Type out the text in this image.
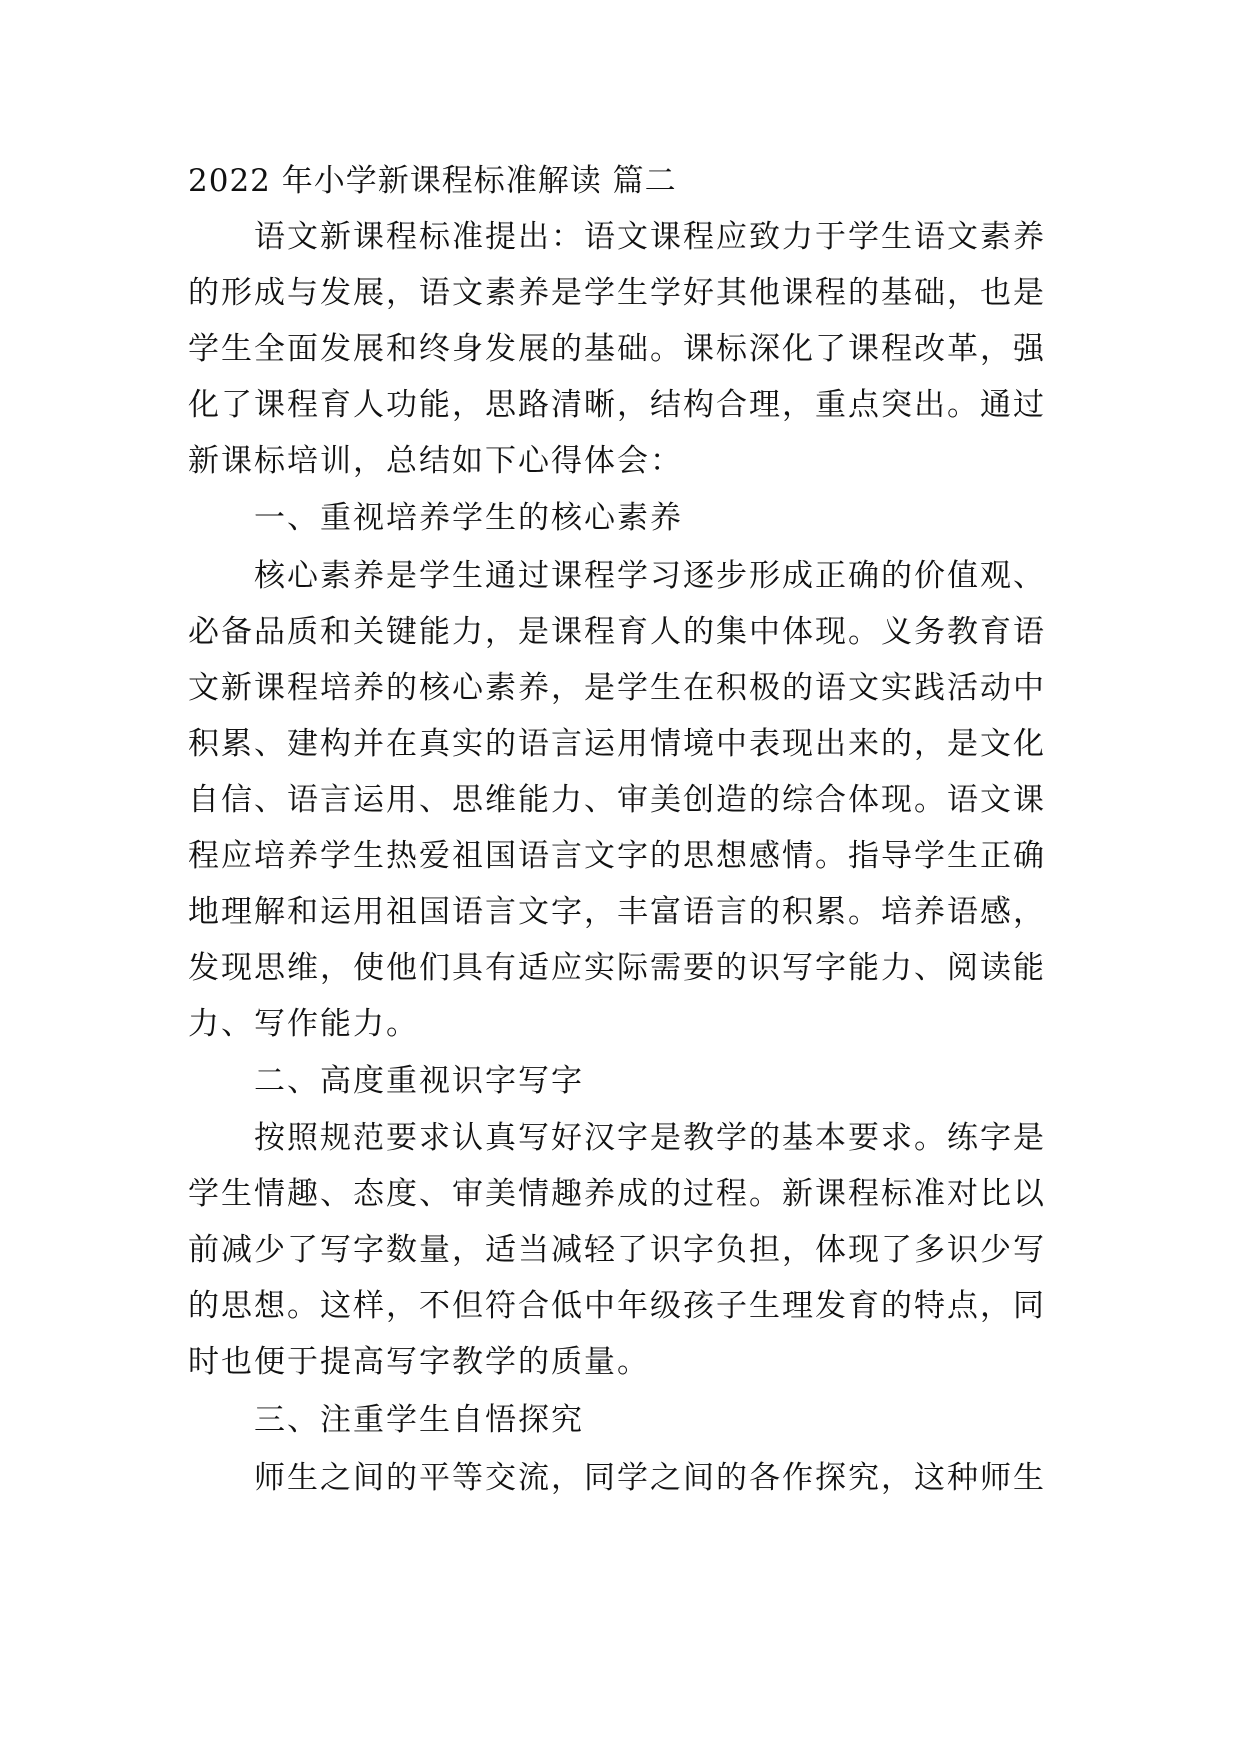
2022 年小学新课程标准解读 篇二
语文新课程标准提出：语文课程应致力于学生语文素养
的形成与发展，语文素养是学生学好其他课程的基础，也是
学生全面发展和终身发展的基础。课标深化了课程改革，强
化了课程育人功能，思路清晰，结构合理，重点突出。通过
新课标培训，总结如下心得体会：
一、重视培养学生的核心素养
核心素养是学生通过课程学习逐步形成正确的价值观、
必备品质和关键能力，是课程育人的集中体现。义务教育语
文新课程培养的核心素养，是学生在积极的语文实践活动中
积累、建构并在真实的语言运用情境中表现出来的，是文化
自信、语言运用、思维能力、审美创造的综合体现。语文课
程应培养学生热爱祖国语言文字的思想感情。指导学生正确
地理解和运用祖国语言文字，丰富语言的积累。培养语感，
发现思维，使他们具有适应实际需要的识写字能力、阅读能
力、写作能力。
二、高度重视识字写字
按照规范要求认真写好汉字是教学的基本要求。练字是
学生情趣、态度、审美情趣养成的过程。新课程标准对比以
前减少了写字数量，适当减轻了识字负担，体现了多识少写
的思想。这样，不但符合低中年级孩子生理发育的特点，同
时也便于提高写字教学的质量。
三、注重学生自悟探究
师生之间的平等交流，同学之间的各作探究，这种师生
